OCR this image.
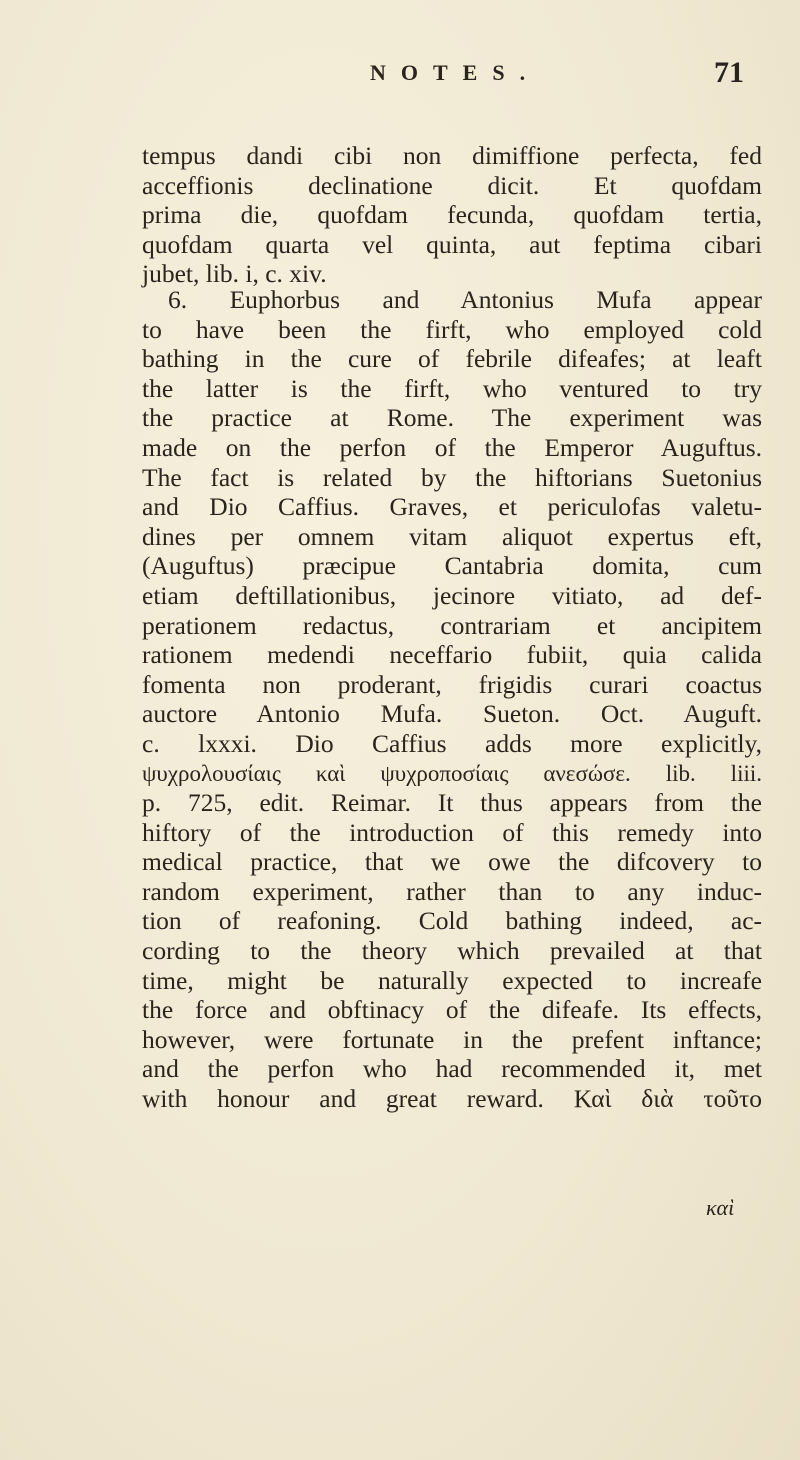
NOTES.	71
tempus dandi cibi non dimiffione perfecta, fed
acceffionis declinatione dicit. Et quofdam
prima die, quofdam fecunda, quofdam tertia,
quofdam quarta vel quinta, aut feptima cibari
jubet, lib. i, c. xiv.
6. Euphorbus and Antonius Mufa appear
to have been the firft, who employed cold
bathing in the cure of febrile difeafes; at leaft
the latter is the firft, who ventured to try
the practice at Rome. The experiment was
made on the perfon of the Emperor Auguftus.
The fact is related by the hiftorians Suetonius
and Dio Caffius. Graves, et periculofas valetu-
dines per omnem vitam aliquot expertus eft,
(Auguftus) præcipue Cantabria domita, cum
etiam deftillationibus, jecinore vitiato, ad def-
perationem redactus, contrariam et ancipitem
rationem medendi neceffario fubiit, quia calida
fomenta non proderant, frigidis curari coactus
auctore Antonio Mufa. Sueton. Oct. Auguft.
c. lxxxi. Dio Caffius adds more explicitly,
ψυχρολουσίαις καὶ ψυχροποσίαις ανεσώσε. lib. liii.
p. 725, edit. Reimar. It thus appears from the
hiftory of the introduction of this remedy into
medical practice, that we owe the difcovery to
random experiment, rather than to any induc-
tion of reafoning. Cold bathing indeed, ac-
cording to the theory which prevailed at that
time, might be naturally expected to increafe
the force and obftinacy of the difeafe. Its effects,
however, were fortunate in the prefent inftance;
and the perfon who had recommended it, met
with honour and great reward. Καὶ διὰ τοῦτο
καὶ
